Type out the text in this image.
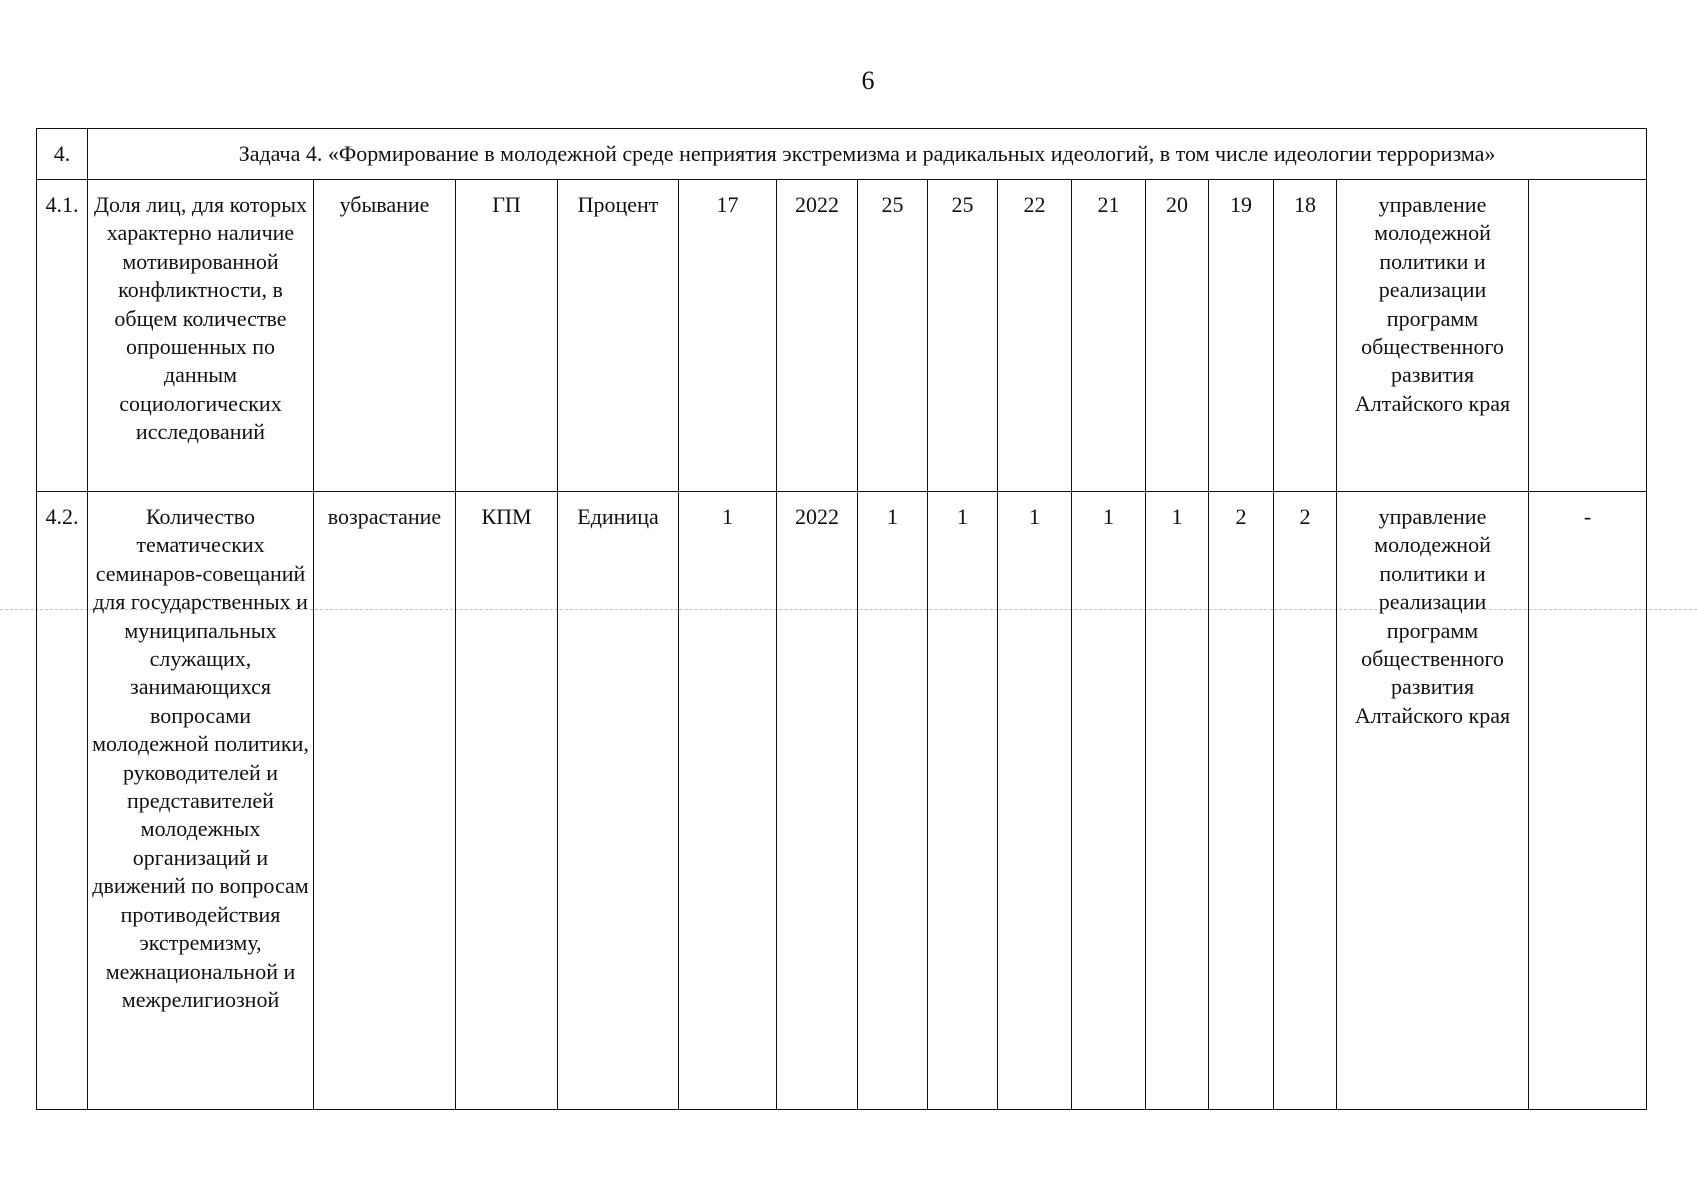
6
4.	Задача 4. «Формирование в молодежной среде неприятия экстремизма и радикальных идеологий, в том числе идеологии терроризма»														
4.1.	Доля лиц, для которых характерно наличие мотивированной конфликтности, в общем количестве опрошенных по данным социологических исследований	убывание	ГП	Процент	17	2022	25	25	22	21	20	19	18	управление молодежной политики и реализации программ общественного развития Алтайского края	
4.2.	Количество тематических семинаров-совещаний для государственных и муниципальных служащих, занимающихся вопросами молодежной политики, руководителей и представителей молодежных организаций и движений по вопросам противодействия экстремизму, межнациональной и межрелигиозной	возрастание	КПМ	Единица	1	2022	1	1	1	1	1	2	2	управление молодежной политики и реализации программ общественного развития Алтайского края	-
